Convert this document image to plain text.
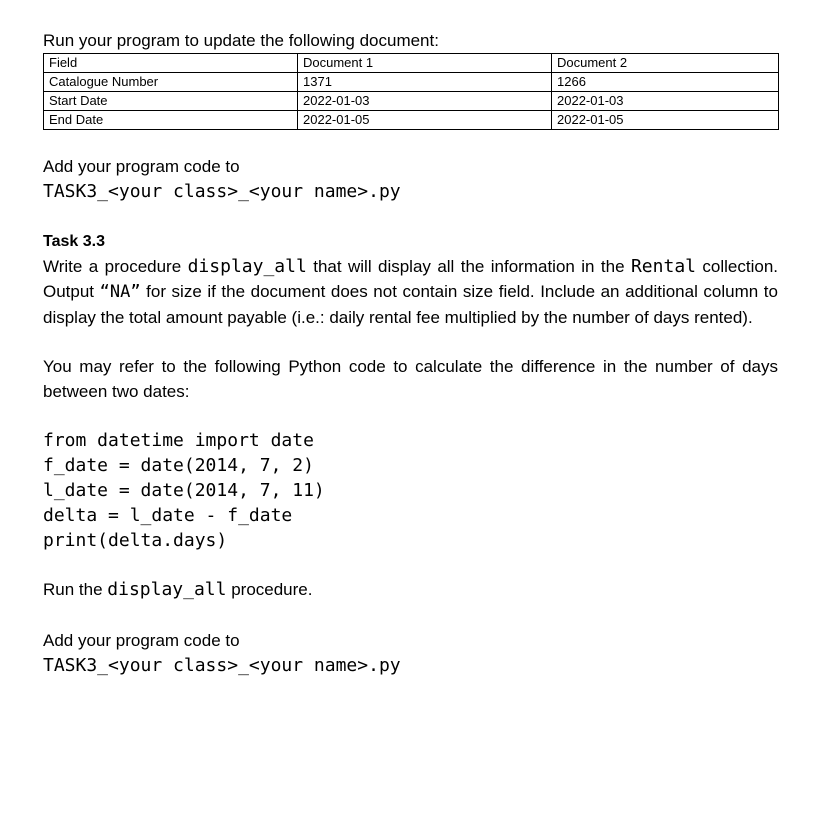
Run your program to update the following document:

Field	Document 1	Document 2
Catalogue Number	1371	1266
Start Date	2022-01-03	2022-01-03
End Date	2022-01-05	2022-01-05

Add your program code to

TASK3_<your class>_<your name>.py

Task 3.3

Write a procedure display_all that will display all the information in the Rental collection. Output “NA” for size if the document does not contain size field. Include an additional column to display the total amount payable (i.e.: daily rental fee multiplied by the number of days rented).

You may refer to the following Python code to calculate the difference in the number of days between two dates:

from datetime import date

f_date = date(2014, 7, 2)

l_date = date(2014, 7, 11)

delta = l_date - f_date

print(delta.days)

Run the display_all procedure.

Add your program code to

TASK3_<your class>_<your name>.py
